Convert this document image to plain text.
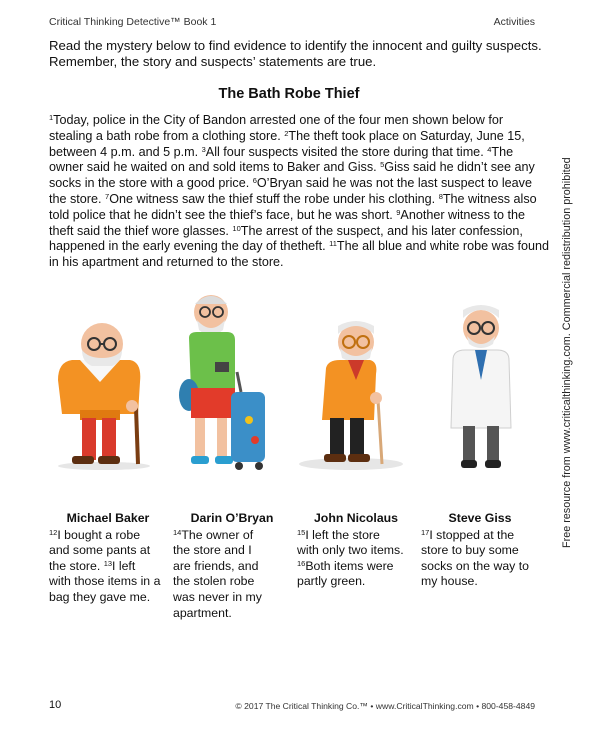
Critical Thinking Detective™ Book 1	Activities
Read the mystery below to find evidence to identify the innocent and guilty suspects.
Remember, the story and suspects’ statements are true.
The Bath Robe Thief
$^1$Today, police in the City of Bandon arrested one of the four men shown below for
stealing a bath robe from a clothing store. $^2$The theft took place on Saturday, June 15,
between 4 p.m. and 5 p.m. $^3$All four suspects visited the store during that time. $^4$The
owner said he waited on and sold items to Baker and Giss. $^5$Giss said he didn’t see any
socks in the store with a good price. $^6$O’Bryan said he was not the last suspect to leave
the store. $^7$One witness saw the thief stuff the robe under his clothing. $^8$The witness also
told police that he didn’t see the thief’s face, but he was short. $^9$Another witness to the
theft said the thief wore glasses. $^{10}$The arrest of the suspect, and his later confession,
happened in the early evening the day of thetheft. $^{11}$The all blue and white robe was found
in his apartment and returned to the store.
Michael Baker
$^{12}$I bought a robe
and some pants at
the store. $^{13}$I left
with those items in a
bag they gave me.
Darin O’Bryan
$^{14}$The owner of
the store and I
are friends, and
the stolen robe
was never in my
apartment.
John Nicolaus
$^{15}$I left the store
with only two items.
$^{16}$Both items were
partly green.
Steve Giss
$^{17}$I stopped at the
store to buy some
socks on the way to
my house.
Free resource from www.criticalthinking.com. Commercial redistribution prohibited
10	© 2017 The Critical Thinking Co.™ • www.CriticalThinking.com • 800-458-4849
